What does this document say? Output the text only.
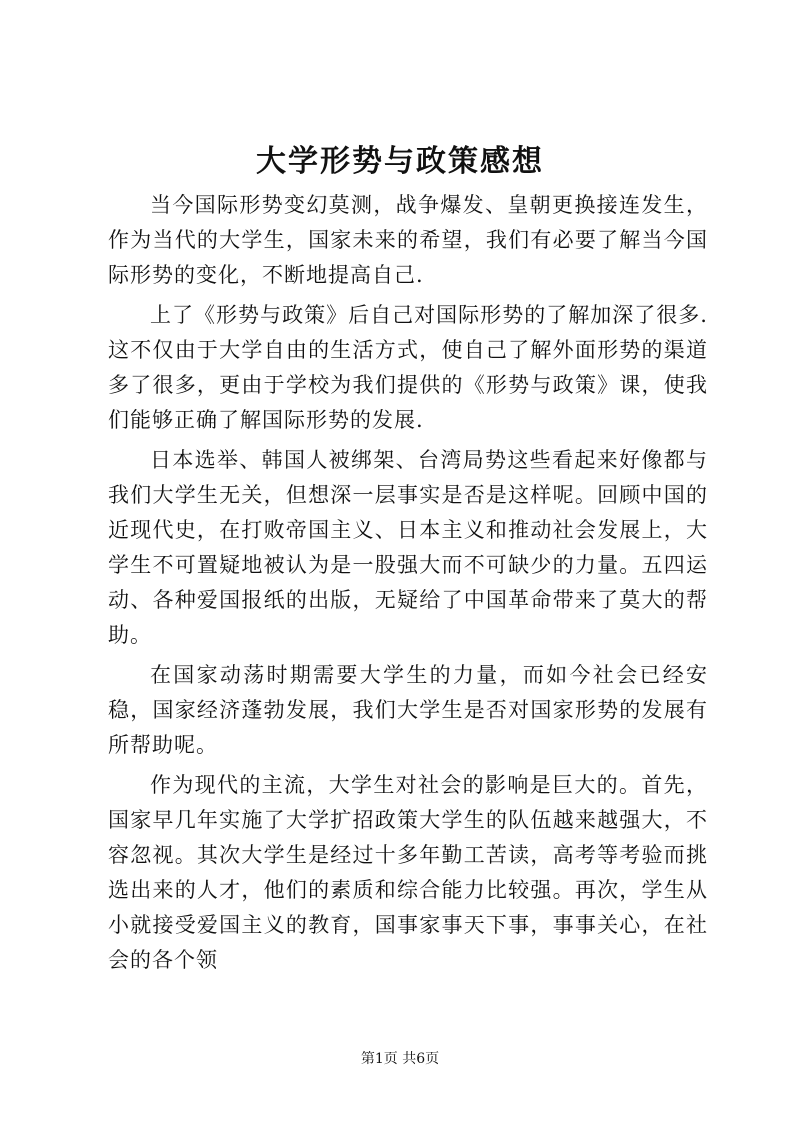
大学形势与政策感想

当今国际形势变幻莫测，战争爆发、皇朝更换接连发生，作为当代的大学生，国家未来的希望，我们有必要了解当今国际形势的变化，不断地提高自己.

上了《形势与政策》后自己对国际形势的了解加深了很多.这不仅由于大学自由的生活方式，使自己了解外面形势的渠道多了很多，更由于学校为我们提供的《形势与政策》课，使我们能够正确了解国际形势的发展.

日本选举、韩国人被绑架、台湾局势这些看起来好像都与我们大学生无关，但想深一层事实是否是这样呢。回顾中国的近现代史，在打败帝国主义、日本主义和推动社会发展上，大学生不可置疑地被认为是一股强大而不可缺少的力量。五四运动、各种爱国报纸的出版，无疑给了中国革命带来了莫大的帮助。

在国家动荡时期需要大学生的力量，而如今社会已经安稳，国家经济蓬勃发展，我们大学生是否对国家形势的发展有所帮助呢。

作为现代的主流，大学生对社会的影响是巨大的。首先，国家早几年实施了大学扩招政策大学生的队伍越来越强大，不容忽视。其次大学生是经过十多年勤工苦读，高考等考验而挑选出来的人才，他们的素质和综合能力比较强。再次，学生从小就接受爱国主义的教育，国事家事天下事，事事关心，在社会的各个领

第1页 共6页
